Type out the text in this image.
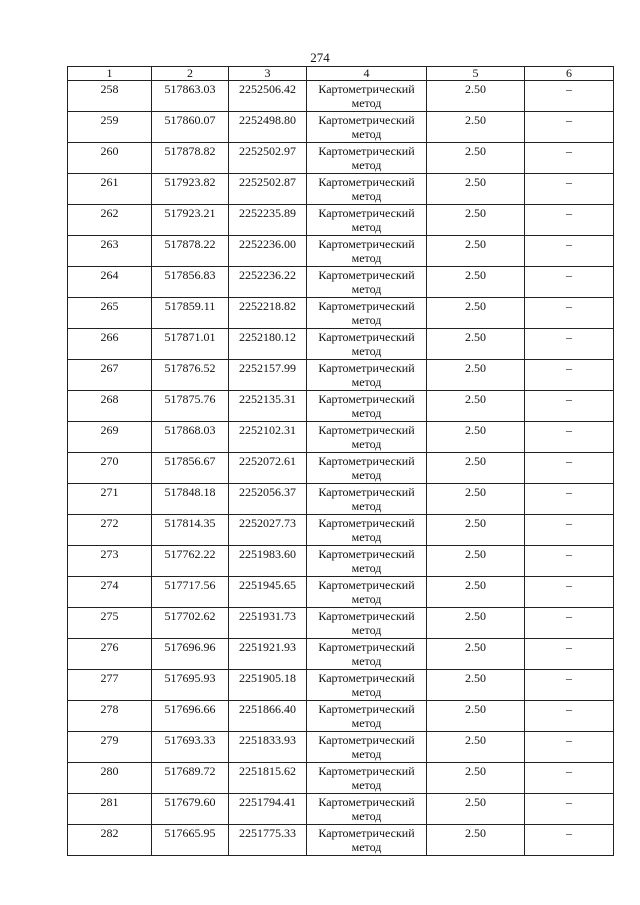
274
1	2	3	4	5	6
258	517863.03	2252506.42	Картометрический метод	2.50	–
259	517860.07	2252498.80	Картометрический метод	2.50	–
260	517878.82	2252502.97	Картометрический метод	2.50	–
261	517923.82	2252502.87	Картометрический метод	2.50	–
262	517923.21	2252235.89	Картометрический метод	2.50	–
263	517878.22	2252236.00	Картометрический метод	2.50	–
264	517856.83	2252236.22	Картометрический метод	2.50	–
265	517859.11	2252218.82	Картометрический метод	2.50	–
266	517871.01	2252180.12	Картометрический метод	2.50	–
267	517876.52	2252157.99	Картометрический метод	2.50	–
268	517875.76	2252135.31	Картометрический метод	2.50	–
269	517868.03	2252102.31	Картометрический метод	2.50	–
270	517856.67	2252072.61	Картометрический метод	2.50	–
271	517848.18	2252056.37	Картометрический метод	2.50	–
272	517814.35	2252027.73	Картометрический метод	2.50	–
273	517762.22	2251983.60	Картометрический метод	2.50	–
274	517717.56	2251945.65	Картометрический метод	2.50	–
275	517702.62	2251931.73	Картометрический метод	2.50	–
276	517696.96	2251921.93	Картометрический метод	2.50	–
277	517695.93	2251905.18	Картометрический метод	2.50	–
278	517696.66	2251866.40	Картометрический метод	2.50	–
279	517693.33	2251833.93	Картометрический метод	2.50	–
280	517689.72	2251815.62	Картометрический метод	2.50	–
281	517679.60	2251794.41	Картометрический метод	2.50	–
282	517665.95	2251775.33	Картометрический метод	2.50	–
